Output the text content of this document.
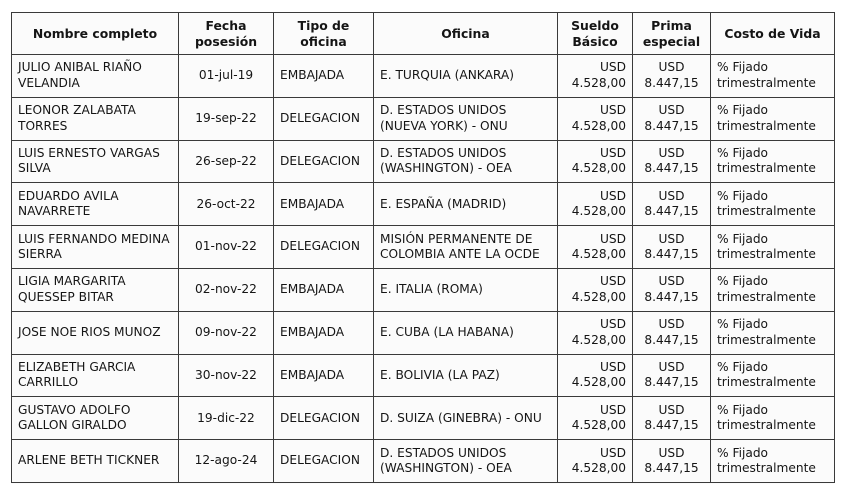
Nombre completo	Fecha posesión	Tipo de oficina	Oficina	Sueldo Básico	Prima especial	Costo de Vida
JULIO ANIBAL RIAÑO VELANDIA	01-jul-19	EMBAJADA	E. TURQUIA (ANKARA)	USD 4.528,00	USD 8.447,15	% Fijado trimestralmente
LEONOR ZALABATA TORRES	19-sep-22	DELEGACION	D. ESTADOS UNIDOS (NUEVA YORK) - ONU	USD 4.528,00	USD 8.447,15	% Fijado trimestralmente
LUIS ERNESTO VARGAS SILVA	26-sep-22	DELEGACION	D. ESTADOS UNIDOS (WASHINGTON) - OEA	USD 4.528,00	USD 8.447,15	% Fijado trimestralmente
EDUARDO AVILA NAVARRETE	26-oct-22	EMBAJADA	E. ESPAÑA (MADRID)	USD 4.528,00	USD 8.447,15	% Fijado trimestralmente
LUIS FERNANDO MEDINA SIERRA	01-nov-22	DELEGACION	MISIÓN PERMANENTE DE COLOMBIA ANTE LA OCDE	USD 4.528,00	USD 8.447,15	% Fijado trimestralmente
LIGIA MARGARITA QUESSEP BITAR	02-nov-22	EMBAJADA	E. ITALIA (ROMA)	USD 4.528,00	USD 8.447,15	% Fijado trimestralmente
JOSE NOE RIOS MUNOZ	09-nov-22	EMBAJADA	E. CUBA (LA HABANA)	USD 4.528,00	USD 8.447,15	% Fijado trimestralmente
ELIZABETH GARCIA CARRILLO	30-nov-22	EMBAJADA	E. BOLIVIA (LA PAZ)	USD 4.528,00	USD 8.447,15	% Fijado trimestralmente
GUSTAVO ADOLFO GALLON GIRALDO	19-dic-22	DELEGACION	D. SUIZA (GINEBRA) - ONU	USD 4.528,00	USD 8.447,15	% Fijado trimestralmente
ARLENE BETH TICKNER	12-ago-24	DELEGACION	D. ESTADOS UNIDOS (WASHINGTON) - OEA	USD 4.528,00	USD 8.447,15	% Fijado trimestralmente
